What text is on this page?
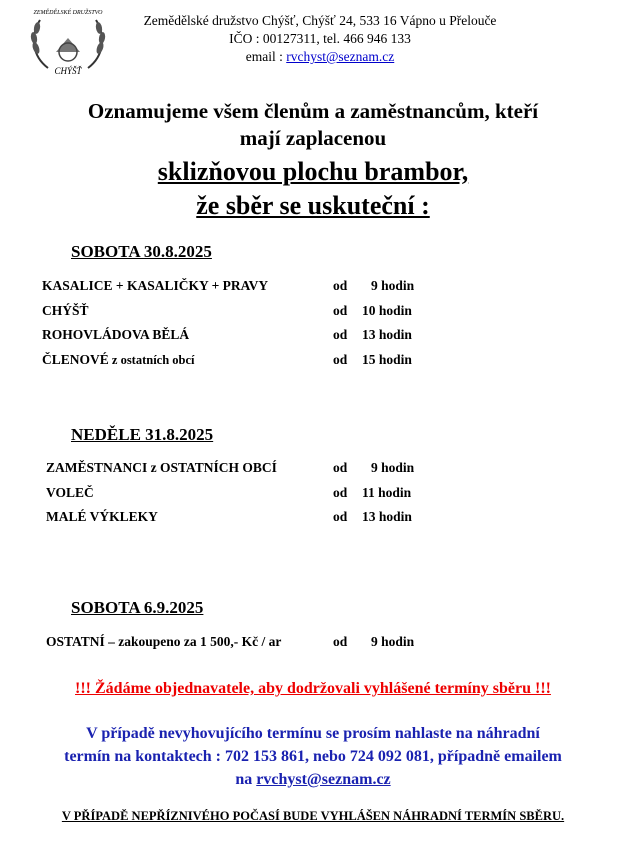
ZEMĚDĚLSKÉ DRUŽSTVO
CHÝŠŤ
Zemědělské družstvo Chýšť, Chýšť 24, 533 16 Vápno u Přelouče
IČO : 00127311, tel. 466 946 133
email : rvchyst@seznam.cz
Oznamujeme všem členům a zaměstnancům, kteří
mají zaplacenou
sklizňovou plochu brambor,
že sběr se uskuteční :
SOBOTA 30.8.2025
KASALICE + KASALIČKY + PRAVY	od 9 hodin
CHÝŠŤ	od 10 hodin
ROHOVLÁDOVA BĚLÁ	od 13 hodin
ČLENOVÉ z ostatních obcí	od 15 hodin
NEDĚLE 31.8.2025
ZAMĚSTNANCI z OSTATNÍCH OBCÍ	od 9 hodin
VOLEČ	od 11 hodin
MALÉ VÝKLEKY	od 13 hodin
SOBOTA 6.9.2025
OSTATNÍ – zakoupeno za 1 500,- Kč / ar	od 9 hodin
!!! Žádáme objednavatele, aby dodržovali vyhlášené termíny sběru !!!
V případě nevyhovujícího termínu se prosím nahlaste na náhradní
termín na kontaktech : 702 153 861, nebo 724 092 081, případně emailem
na rvchyst@seznam.cz
V PŘÍPADĚ NEPŘÍZNIVÉHO POČASÍ BUDE VYHLÁŠEN NÁHRADNÍ TERMÍN SBĚRU.
